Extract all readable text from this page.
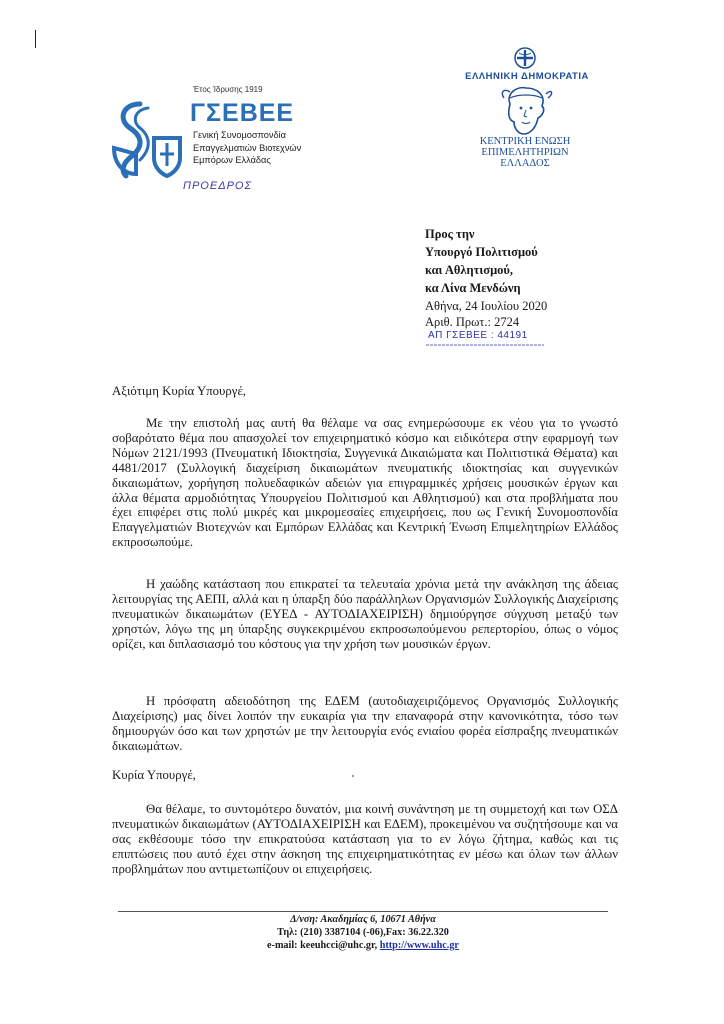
Έτος Ίδρυσης 1919
ΓΣΕΒΕΕ
Γενική Συνομοσπονδία
Επαγγελματιών Βιοτεχνών
Εμπόρων Ελλάδας
ΠΡΟΕΔΡΟΣ
ΕΛΛΗΝΙΚΗ ΔΗΜΟΚΡΑΤΙΑ
ΚΕΝΤΡΙΚΗ ΕΝΩΣΗ
ΕΠΙΜΕΛΗΤΗΡΙΩΝ
ΕΛΛΑΔΟΣ
Προς την
Υπουργό Πολιτισμού
και Αθλητισμού,
κα Λίνα Μενδώνη
Αθήνα, 24 Ιουλίου 2020
Αριθ. Πρωτ.: 2724
ΑΠ ΓΣΕΒΕΕ : 44191
Αξιότιμη Κυρία Υπουργέ,
Με την επιστολή μας αυτή θα θέλαμε να σας ενημερώσουμε εκ νέου για το γνωστό σοβαρότατο θέμα που απασχολεί τον επιχειρηματικό κόσμο και ειδικότερα στην εφαρμογή των Νόμων 2121/1993 (Πνευματική Ιδιοκτησία, Συγγενικά Δικαιώματα και Πολιτιστικά Θέματα) και 4481/2017 (Συλλογική διαχείριση δικαιωμάτων πνευματικής ιδιοκτησίας και συγγενικών δικαιωμάτων, χορήγηση πολυεδαφικών αδειών για επιγραμμικές χρήσεις μουσικών έργων και άλλα θέματα αρμοδιότητας Υπουργείου Πολιτισμού και Αθλητισμού) και στα προβλήματα που έχει επιφέρει στις πολύ μικρές και μικρομεσαίες επιχειρήσεις, που ως Γενική Συνομοσπονδία Επαγγελματιών Βιοτεχνών και Εμπόρων Ελλάδας και Κεντρική Ένωση Επιμελητηρίων Ελλάδος εκπροσωπούμε.
Η χαώδης κατάσταση που επικρατεί τα τελευταία χρόνια μετά την ανάκληση της άδειας λειτουργίας της ΑΕΠΙ, αλλά και η ύπαρξη δύο παράλληλων Οργανισμών Συλλογικής Διαχείρισης πνευματικών δικαιωμάτων (ΕΥΕΔ - ΑΥΤΟΔΙΑΧΕΙΡΙΣΗ) δημιούργησε σύγχυση μεταξύ των χρηστών, λόγω της μη ύπαρξης συγκεκριμένου εκπροσωπούμενου ρεπερτορίου, όπως ο νόμος ορίζει, και διπλασιασμό του κόστους για την χρήση των μουσικών έργων.
Η πρόσφατη αδειοδότηση της ΕΔΕΜ (αυτοδιαχειριζόμενος Οργανισμός Συλλογικής Διαχείρισης) μας δίνει λοιπόν την ευκαιρία για την επαναφορά στην κανονικότητα, τόσο των δημιουργών όσο και των χρηστών με την λειτουργία ενός ενιαίου φορέα είσπραξης πνευματικών δικαιωμάτων.
Κυρία Υπουργέ,
Θα θέλαμε, το συντομότερο δυνατόν, μια κοινή συνάντηση με τη συμμετοχή και των ΟΣΔ πνευματικών δικαιωμάτων (ΑΥΤΟΔΙΑΧΕΙΡΙΣΗ και ΕΔΕΜ), προκειμένου να συζητήσουμε και να σας εκθέσουμε τόσο την επικρατούσα κατάσταση για το εν λόγω ζήτημα, καθώς και τις επιπτώσεις που αυτό έχει στην άσκηση της επιχειρηματικότητας εν μέσω και όλων των άλλων προβλημάτων που αντιμετωπίζουν οι επιχειρήσεις.
Δ/νση: Ακαδημίας 6, 10671 Αθήνα
Τηλ: (210) 3387104 (-06),Fax: 36.22.320
e-mail: keeuhcci@uhc.gr, http://www.uhc.gr
